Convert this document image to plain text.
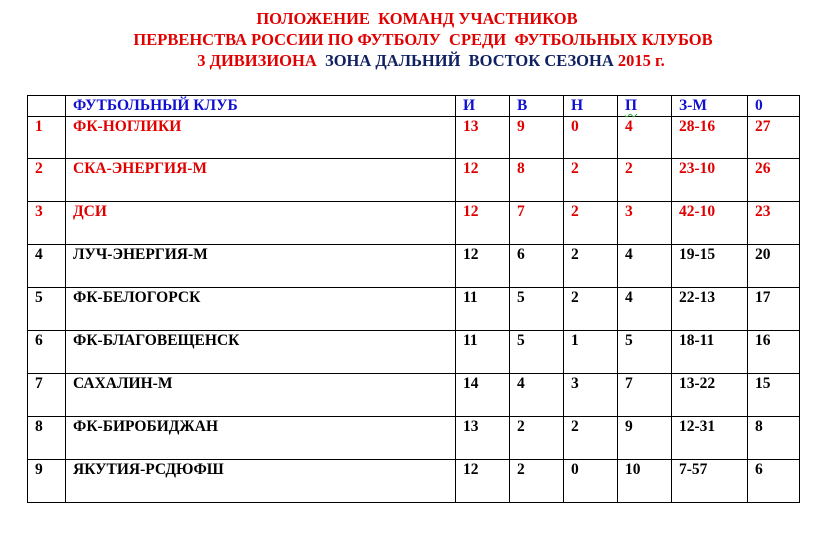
ПОЛОЖЕНИЕ  КОМАНД УЧАСТНИКОВ
ПЕРВЕНСТВА РОССИИ ПО ФУТБОЛУ  СРЕДИ  ФУТБОЛЬНЫХ КЛУБОВ
3 ДИВИЗИОНА  ЗОНА ДАЛЬНИЙ  ВОСТОК СЕЗОНА 2015 г.
	ФУТБОЛЬНЫЙ КЛУБ	И	В	Н	П	З-М	0
1	ФК-НОГЛИКИ	13	9	0	4	28-16	27
2	СКА-ЭНЕРГИЯ-М	12	8	2	2	23-10	26
3	ДСИ	12	7	2	3	42-10	23
4	ЛУЧ-ЭНЕРГИЯ-М	12	6	2	4	19-15	20
5	ФК-БЕЛОГОРСК	11	5	2	4	22-13	17
6	ФК-БЛАГОВЕЩЕНСК	11	5	1	5	18-11	16
7	САХАЛИН-М	14	4	3	7	13-22	15
8	ФК-БИРОБИДЖАН	13	2	2	9	12-31	8
9	ЯКУТИЯ-РСДЮФШ	12	2	0	10	7-57	6
